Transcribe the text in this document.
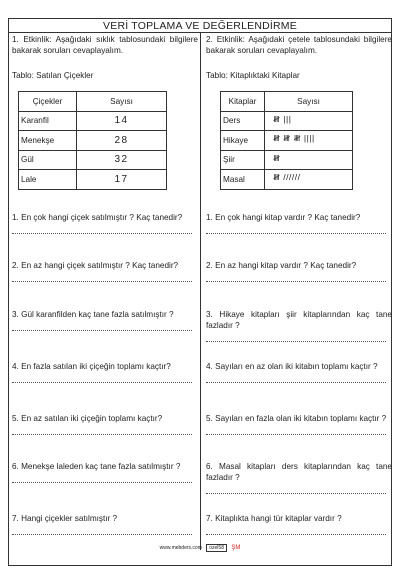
VERİ TOPLAMA VE DEĞERLENDİRME
1. Etkinlik: Aşağıdaki sıklık tablosundaki bilgilere bakarak soruları cevaplayalım.
Tablo: Satılan Çiçekler
Çiçekler	Sayısı
Karanfil	14
Menekşe	28
Gül	32
Lale	17
1. En çok hangi çiçek satılmıştır ? Kaç tanedir?
2. En az hangi çiçek satılmıştır ? Kaç tanedir?
3. Gül karanfilden kaç tane fazla satılmıştır ?
4. En fazla satılan iki çiçeğin toplamı kaçtır?
5. En az satılan iki çiçeğin toplamı kaçtır?
6. Menekşe laleden kaç tane fazla satılmıştır ?
7. Hangi çiçekler satılmıştır ?
2. Etkinlik: Aşağıdaki çetele tablosundaki bilgilere bakarak soruları cevaplayalım.
Tablo: Kitaplıktaki Kitaplar
Kitaplar	Sayısı
Ders	𝍸 |||
Hikaye	𝍸 𝍸 𝍸 ||||
Şiir	𝍸
Masal	𝍸 //////
1. En çok hangi kitap vardır ? Kaç tanedir?
2. En az hangi kitap vardır ? Kaç tanedir?
3. Hikaye kitapları şiir kitaplarından kaç tane fazladır ?
4. Sayıları en az olan iki kitabın toplamı kaçtır ?
5. Sayıları en fazla olan iki kitabın toplamı kaçtır ?
6. Masal kitapları ders kitaplarından kaç tane fazladır ?
7. Kitaplıkta hangi tür kitaplar vardır ?
www.mebders.com ozel58 ŞM
